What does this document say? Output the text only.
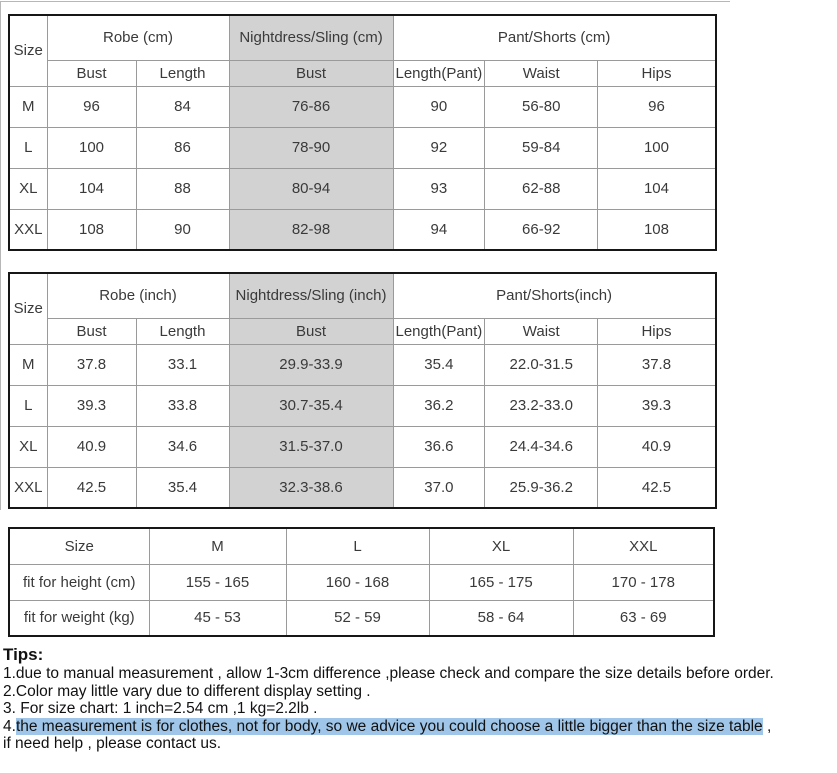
Size	Robe (cm)		Nightdress/Sling (cm)	Pant/Shorts (cm)		
	Bust	Length	Bust	Length(Pant)	Waist	Hips
M	96	84	76-86	90	56-80	96
L	100	86	78-90	92	59-84	100
XL	104	88	80-94	93	62-88	104
XXL	108	90	82-98	94	66-92	108
Size	Robe (inch)		Nightdress/Sling (inch)	Pant/Shorts(inch)		
	Bust	Length	Bust	Length(Pant)	Waist	Hips
M	37.8	33.1	29.9-33.9	35.4	22.0-31.5	37.8
L	39.3	33.8	30.7-35.4	36.2	23.2-33.0	39.3
XL	40.9	34.6	31.5-37.0	36.6	24.4-34.6	40.9
XXL	42.5	35.4	32.3-38.6	37.0	25.9-36.2	42.5
Size	M	L	XL	XXL
fit for height (cm)	155 - 165	160 - 168	165 - 175	170 - 178
fit for weight (kg)	45 - 53	52 - 59	58 - 64	63 - 69

Tips:

1.due to manual measurement , allow 1-3cm difference ,please check and compare the size details before order.

2.Color may little vary due to different display setting .

3. For size chart: 1 inch=2.54 cm ,1 kg=2.2lb .

4.the measurement is for clothes, not for body, so we advice you could choose a little bigger than the size table ,

if need help , please contact us.
